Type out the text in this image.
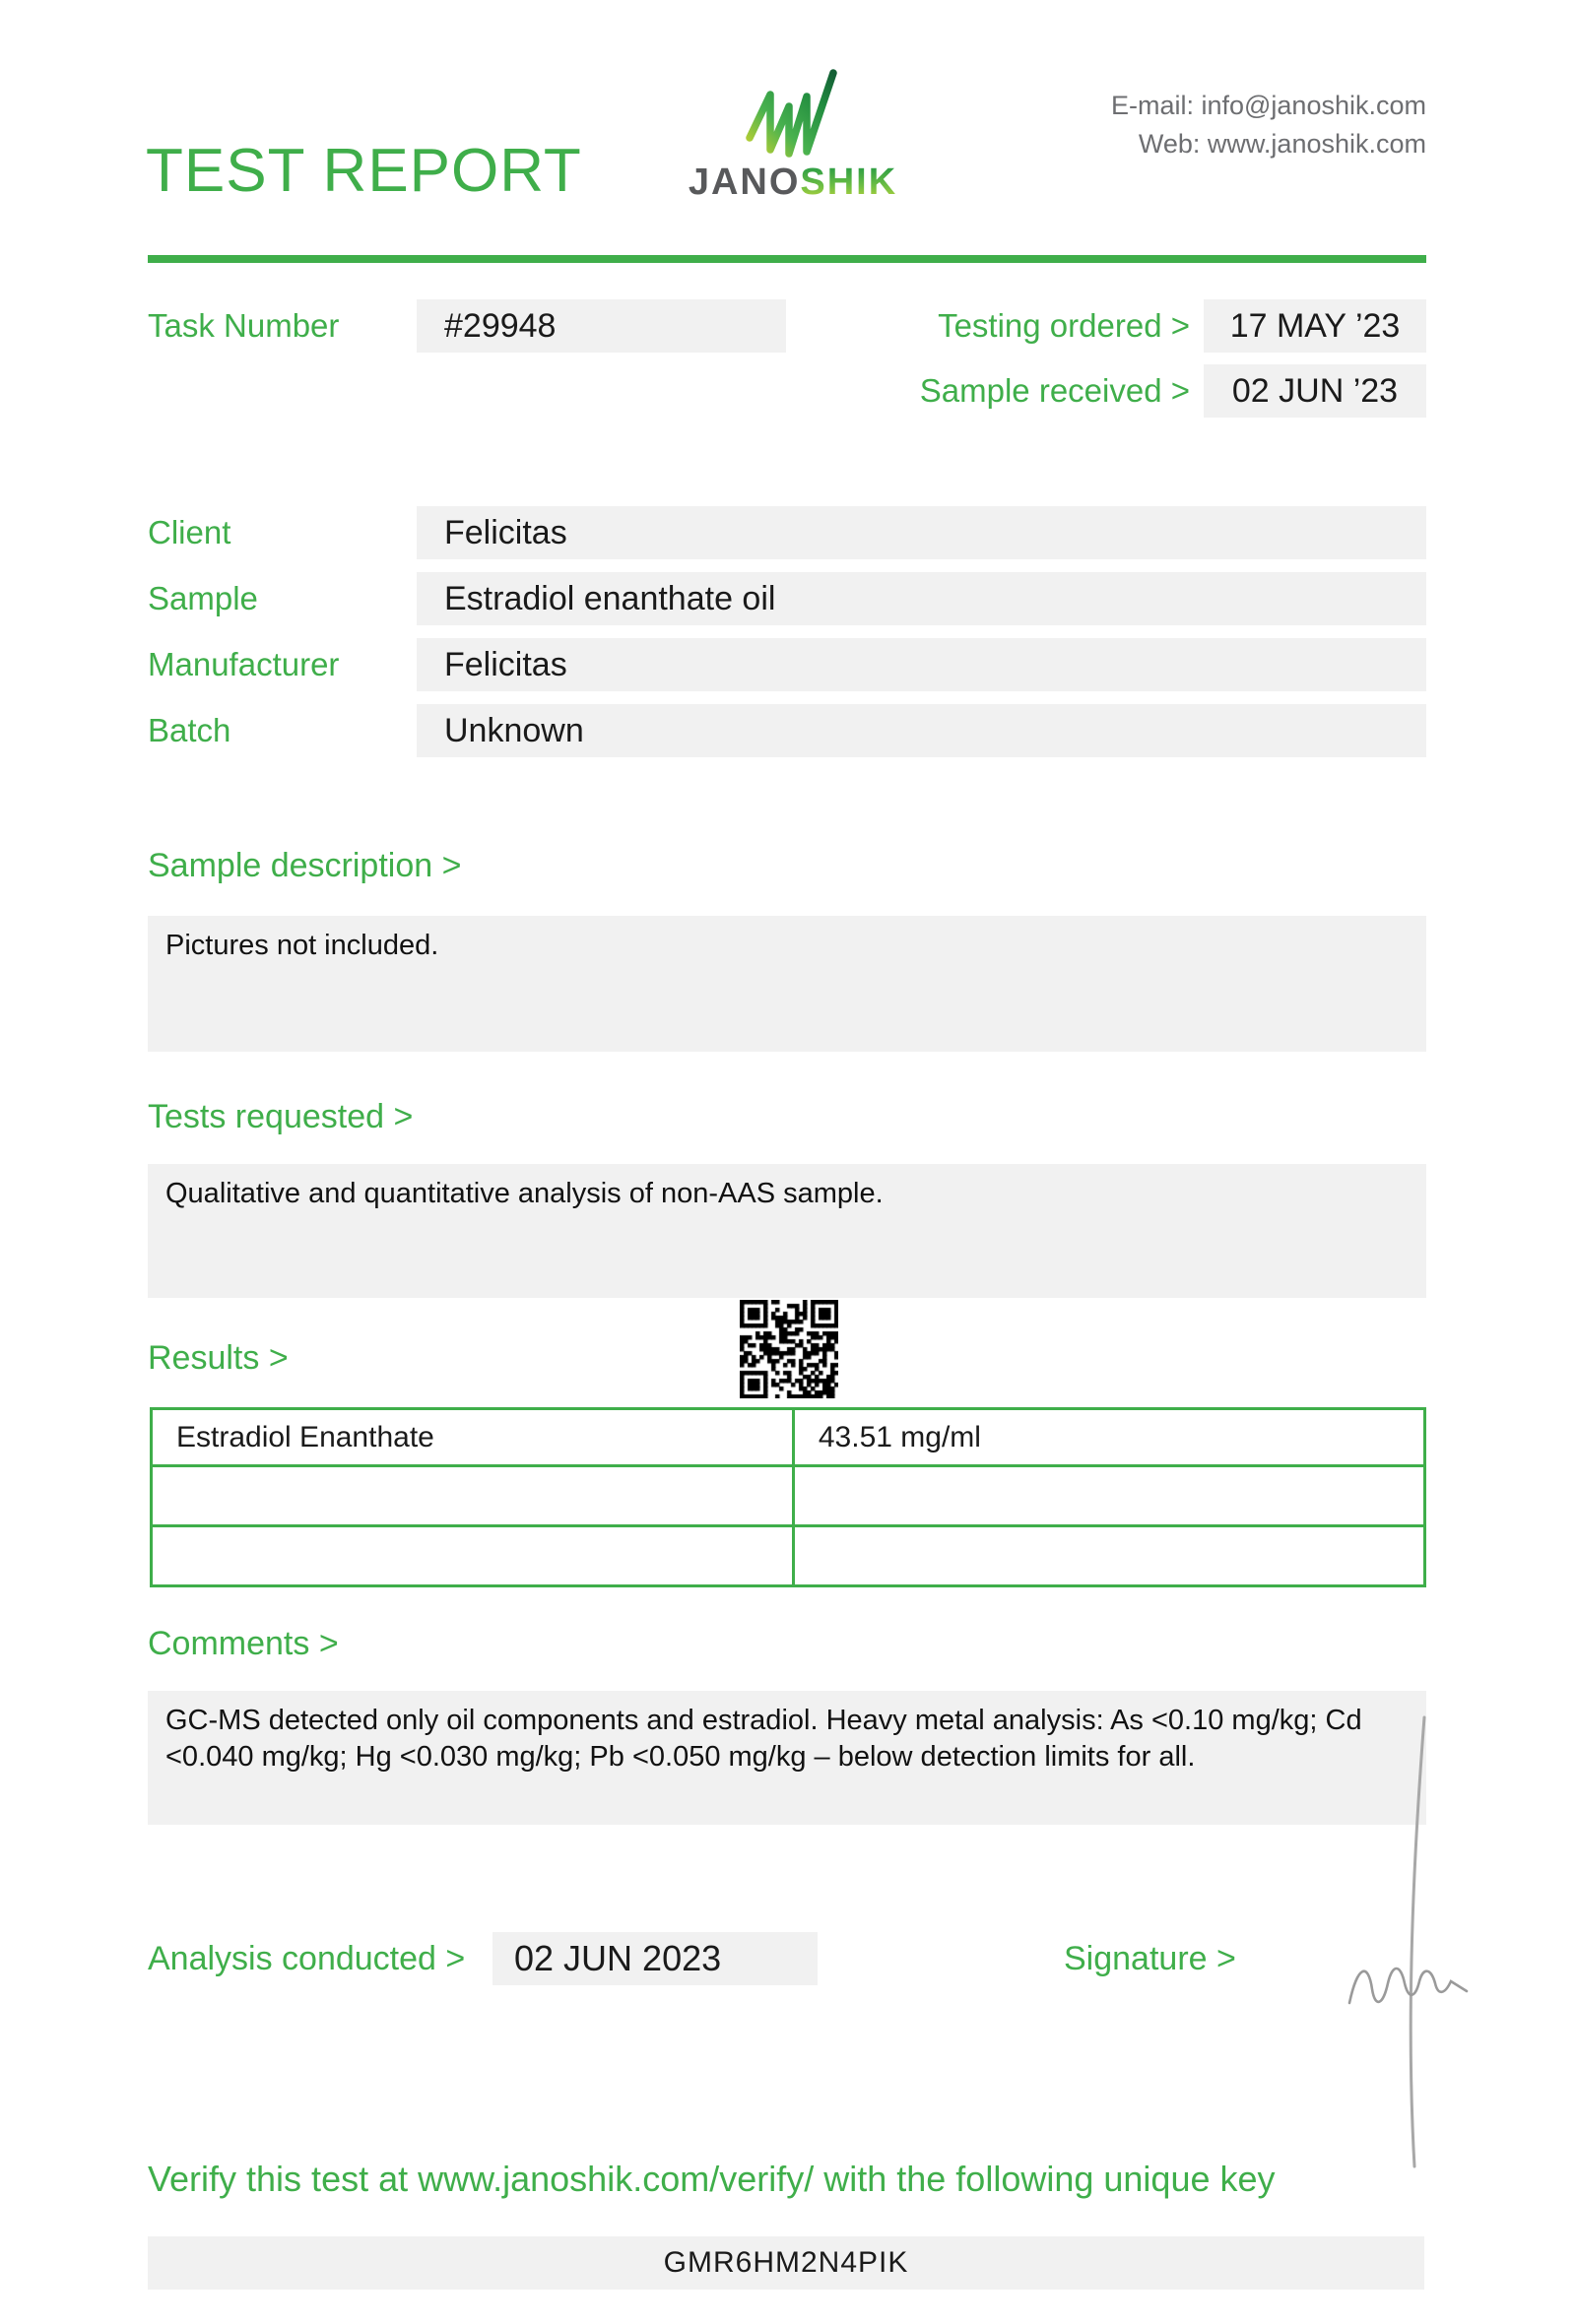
TEST REPORT	JANOSHIK
E-mail: info@janoshik.com
Web: www.janoshik.com
Task Number	#29948	Testing ordered >	17 MAY ’23
Sample received >	02 JUN ’23
Client	Felicitas
Sample	Estradiol enanthate oil
Manufacturer	Felicitas
Batch	Unknown
Sample description >
Pictures not included.
Tests requested >
Qualitative and quantitative analysis of non-AAS sample.
Results >
Estradiol Enanthate	43.51 mg/ml
Comments >
GC-MS detected only oil components and estradiol. Heavy metal analysis: As <0.10 mg/kg; Cd <0.040 mg/kg; Hg <0.030 mg/kg; Pb <0.050 mg/kg – below detection limits for all.
Analysis conducted >	02 JUN 2023	Signature >
Verify this test at www.janoshik.com/verify/ with the following unique key
GMR6HM2N4PIK
